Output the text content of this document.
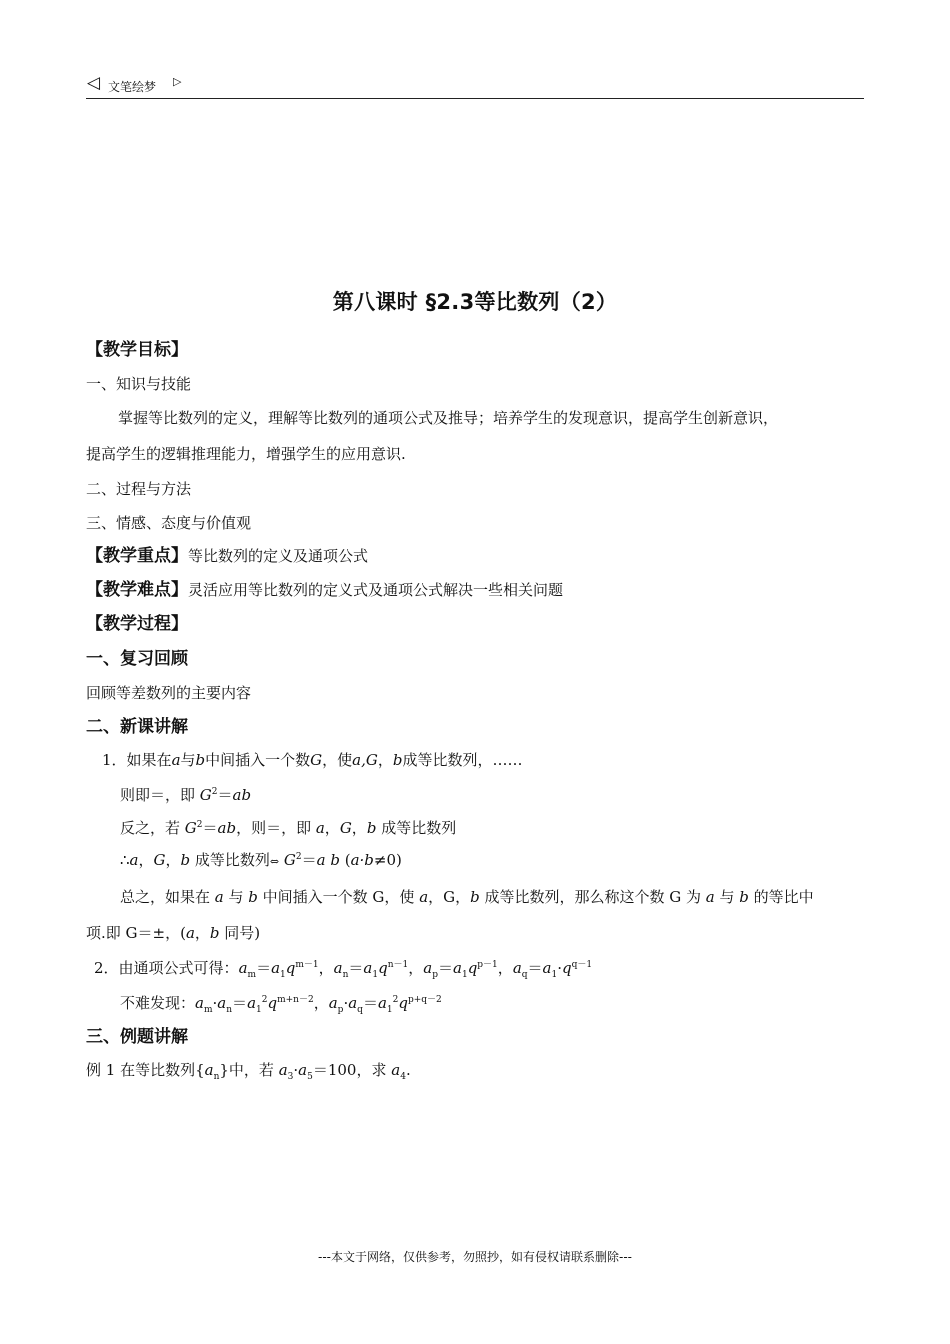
◁ 文笔绘梦 ▷
第八课时 §2.3等比数列（2）
【教学目标】
一、知识与技能
掌握等比数列的定义，理解等比数列的通项公式及推导；培养学生的发现意识，提高学生创新意识，
提高学生的逻辑推理能力，增强学生的应用意识.
二、过程与方法
三、情感、态度与价值观
【教学重点】等比数列的定义及通项公式
【教学难点】灵活应用等比数列的定义式及通项公式解决一些相关问题
【教学过程】
一、复习回顾
回顾等差数列的主要内容
二、新课讲解
1．如果在a与b中间插入一个数G，使a,G，b成等比数列，……
则即＝，即 $G^2=ab$
反之，若 $G^2=ab$，则＝，即 a，G，b 成等比数列
∴a，G，b 成等比数列⇔ $G^2=a$ b (a·b≠0)
总之，如果在 a 与 b 中间插入一个数 G，使 a，G，b 成等比数列，那么称这个数 G 为 a 与 b 的等比中
项.即 G＝±，(a，b 同号)
2．由通项公式可得：$a_m=a_1q^{m-1}$，$a_n=a_1q^{n-1}$，$a_p=a_1q^{p-1}$，$a_q=a_1\cdot q^{q-1}$
不难发现：$a_m\cdot a_n=a_1^2q^{m+n-2}$，$a_p\cdot a_q=a_1^2q^{p+q-2}$
三、例题讲解
例 1 在等比数列$\{a_n\}$中，若 $a_3\cdot a_5=100$，求 $a_4$.
---本文于网络，仅供参考，勿照抄，如有侵权请联系删除---
